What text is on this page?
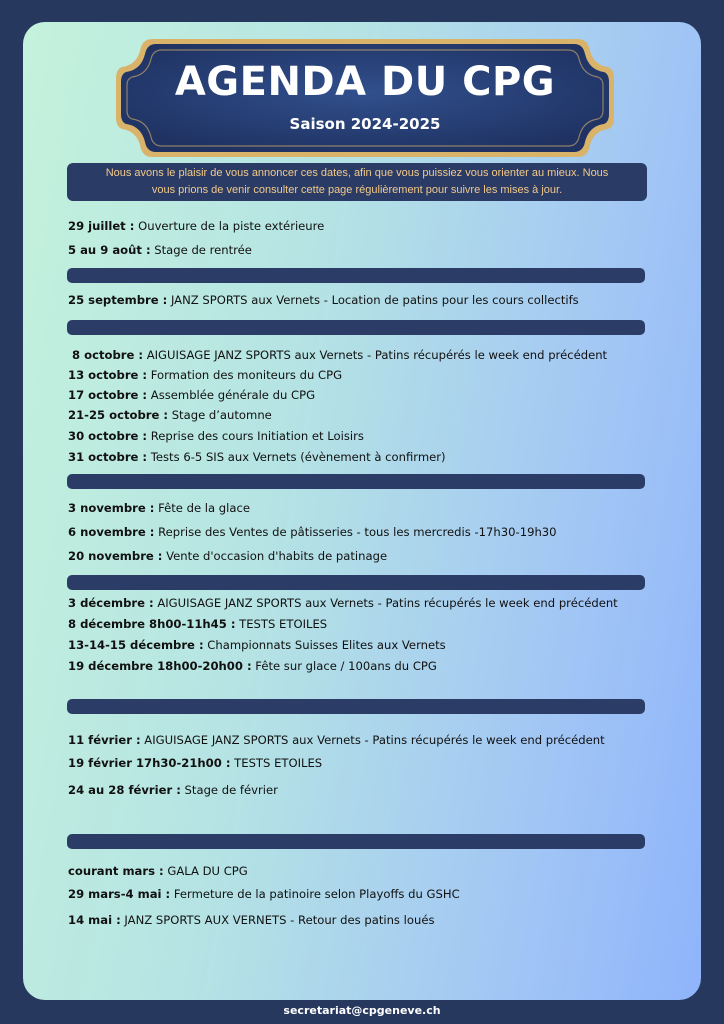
AGENDA DU CPG
Saison 2024-2025
Nous avons le plaisir de vous annoncer ces dates, afin que vous puissiez vous orienter au mieux. Nous
vous prions de venir consulter cette page régulièrement pour suivre les mises à jour.
29 juillet : Ouverture de la piste extérieure
5 au 9 août : Stage de rentrée
25 septembre : JANZ SPORTS aux Vernets - Location de patins pour les cours collectifs
8 octobre : AIGUISAGE JANZ SPORTS aux Vernets - Patins récupérés le week end précédent
13 octobre : Formation des moniteurs du CPG
17 octobre : Assemblée générale du CPG
21-25 octobre : Stage d’automne
30 octobre : Reprise des cours Initiation et Loisirs
31 octobre : Tests 6-5 SIS aux Vernets (évènement à confirmer)
3 novembre : Fête de la glace
6 novembre : Reprise des Ventes de pâtisseries - tous les mercredis -17h30-19h30
20 novembre : Vente d'occasion d'habits de patinage
3 décembre : AIGUISAGE JANZ SPORTS aux Vernets - Patins récupérés le week end précédent
8 décembre 8h00-11h45 : TESTS ETOILES
13-14-15 décembre : Championnats Suisses Elites aux Vernets
19 décembre 18h00-20h00 : Fête sur glace / 100ans du CPG
11 février : AIGUISAGE JANZ SPORTS aux Vernets - Patins récupérés le week end précédent
19 février 17h30-21h00 : TESTS ETOILES
24 au 28 février : Stage de février
courant mars : GALA DU CPG
29 mars-4 mai : Fermeture de la patinoire selon Playoffs du GSHC
14 mai : JANZ SPORTS AUX VERNETS - Retour des patins loués
secretariat@cpgeneve.ch
